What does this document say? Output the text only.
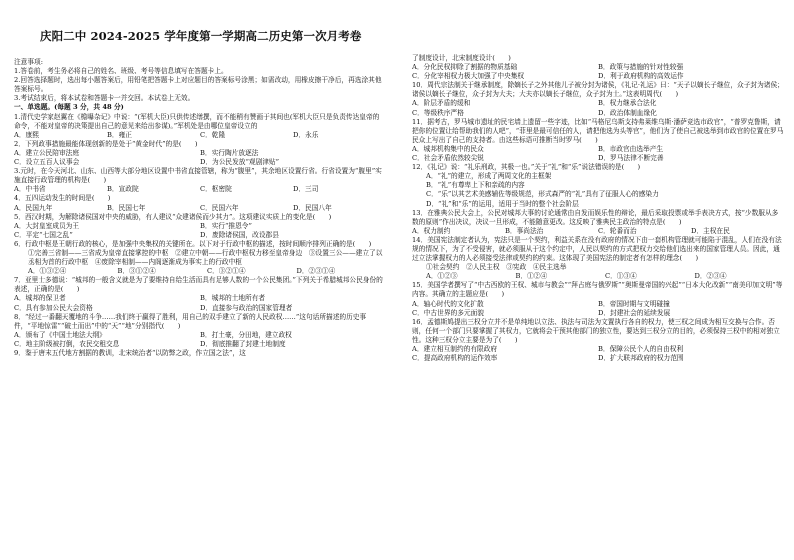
庆阳二中 2024-2025 学年度第一学期高二历史第一次月考卷
注意事项:
1.答卷前，考生务必将自己的姓名、班级、考号等信息填写在答题卡上。
2.回答选择题时，选出每小题答案后，用铅笔把答题卡上对应题目的答案标号涂黑；如需改动，用橡皮擦干净后，再选涂其他答案标号。
3.考试结束后，将本试卷和答题卡一并交回。本试卷上无效。
一、单选题。(每题 3 分，共 48 分)
1.清代史学家赵翼在《檐曝杂记》中说：“(军机大臣)只供传述缮撰，而不能稍有赞画于其间也(军机大臣只是负责传达皇帝的命令，不能对皇帝的决策提出自己的意见来给出参谋)。”军机处是由哪位皇帝设立的
A．康熙	B．雍正	C．乾隆	D．永乐
2．下列政事措施最能体现创新的是处于“黄金时代”的是(　　)
A．建立公民陪审法庭	B．实行陶片放逐法
C．设立五百人议事会	D．为公民发放“观剧津贴”
3.元时，在今天河北、山东、山西等大部分地区设置中书省直接管辖，称为“腹里”，其余地区设置行省。行省设置为“腹里”实施直接行政管理的机构是(　　)
A．中书省	B．宣政院	C．枢密院	D．三司
4．五四运动发生的时间是(　　)
A．民国九年	B．民国七年	C．民国六年	D．民国八年
5．西汉时期，为解除诸侯国对中央的威胁，有人建议“众建诸侯而少其力”。这项建议实质上的变化是(　　)
A．大封皇室成员为王	B．实行“推恩令”
C．平定“七国之乱”	D．废除诸侯国，改设郡县
6．行政中枢是王朝行政的核心，是加强中央集权的关键所在。以下对于行政中枢的描述，按时间顺序排列正确的是(　　)
①完善三省制——三省成为皇帝直接掌控的中枢　②建立中朝——行政中枢权力移至皇帝身边　③设置三公——建立了以丞相为首的行政中枢　④废除宰相制——内阁逐渐成为事实上的行政中枢
A．①③②④	B．③①②④	C．③②①④	D．②③①④
7．亚里士多德说：“城邦的一般含义就是为了要维持自给生活而具有足够人数的一个公民集团。”下列关于希腊城邦公民身份的表述，正确的是(　　)
A．城邦的保卫者	B．城邦的土地所有者
C．具有参加公民大会资格	D．直接参与政治的国家管理者
8．“经过一番翻天覆地的斗争……我们终于赢得了胜利，用自己的双手建立了新的人民政权……”这句话所描述的历史事件，“平地惊雷”“破土而出”中的“天”“地”分别指代(　　)
A．颁布了《中国土地法大纲》	B．打土豪，分田地，建立政权
C．地主阶级被打倒，农民交租交息	D．彻底推翻了封建土地制度
9．鉴于唐末五代地方割据的教训，北宋统治者“以防弊之政，作立国之法”，这
了制度设计，北宋制度设计(　　)
A．分化民权抑除了割据的物质基础	B．政策与措施的针对性较强
C．分化宰相权力极大加强了中央集权	D．利于政府机构的高效运作
10．周代宗法制关于继承制度，除嫡长子之外其他儿子被分封为诸侯，《礼记·礼运》曰：“天子以嫡长子继位，众子封为诸侯；诸侯以嫡长子继位，众子封为大夫；大夫亦以嫡长子继位，众子封为士。”这表明周代(　　)
A．阶层矛盾的缓和	B．权力继承合法化
C．等级秩序严格	D．政治体制血缘化
11．据考古，罗马城市遗址的民宅墙上遗留一些字迹，比如“马格尼乌斯支持弗莱维乌斯·潘萨竞选市政官”，“普罗克鲁斯，请把你的位置让给帮助我们的人吧”，“菲里是最可信任的人，请把他选为头等官”，他们为了使自己被选举到市政官的位置在罗马民众上写出了自己的支持者。由这些标语可推断当时罗马(　　)
A．城邦机构集中的民众	B．市政官由选举产生
C．社会矛盾依然较尖锐	D．罗马法律不断完善
12．《礼记》说：“礼乐刑政，其极一也。”关于“礼”和“乐”说法错误的是(　　)
A．“礼”的建立，形成了两周文化的主框架
B．“礼”有尊卑上下和亲疏的内容
C．“乐”以其艺术美感辅佐等级规范，形式森严的“礼”具有了征服人心的感染力
D．“礼”和“乐”的运用，适用于当时的整个社会阶层
13．在雅典公民大会上，公民对城邦大事的讨论通常由自发而娱乐性的辩论，最后采取投票或举手表决方式，按“少数服从多数的原则”作出决议，决议一旦形成，不能随意更改。这反映了雅典民主政治的特点是(　　)
A．权力制约	B．事尚法治	C．轮番而治	D．主权在民
14．美国宪法制定者认为，宪法只是一个契约，利益关系在没有政府的情况下由一套机构管理就可能陷于混乱，人们在没有法规的情况下，为了不受侵害，就必须服从于这个约定中，人民以契约的方式把权力交给他们选出来的国家管理人员。因此，通过立法掌握权力的人必须接受法律或契约的约束。这体现了美国宪法的制定者有怎样的理念(　　)
①社会契约　②人民主权　③宪政　④民主选举
A．①②③	B．①②④	C．①③④	D．②③④
15．美国学者撰写了“中古西欧的王权、城市与教会”“拜占庭与俄罗斯”“奥斯曼帝国的兴起”“日本大化改新”“南美印加文明”等内容。其确立的主题应是(　　)
A．轴心时代的文化扩散	B．帝国时期与文明碰撞
C．中古世界的多元面貌	D．封建社会的延续发展
16．孟德斯鸠提出三权分立并不是单纯地以立法、执法与司法为文置执行各自的权力，使三权之间成为相互交换与合作。否则，任何一个部门只要掌握了其权力，它就将会干预其他部门的独立性，要达到三权分立的目的，必须保持三权中的相对独立性。这种三权分立主要是为了(　　)
A．建立相互制约的有限政府	B．保障公民个人的自由权利
C．提高政府机构的运作效率	D．扩大联邦政府的权力范围
